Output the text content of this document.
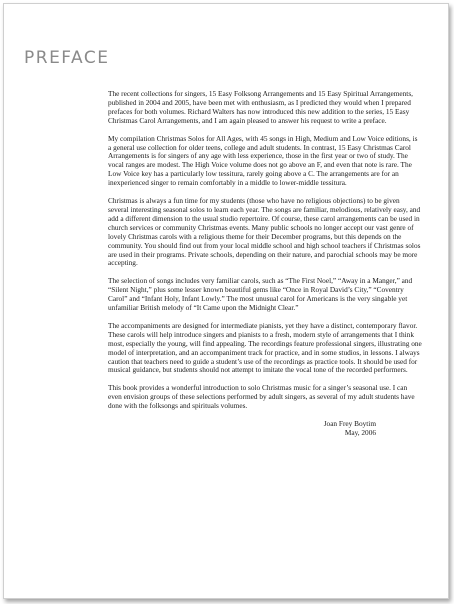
PREFACE

The recent collections for singers, 15 Easy Folksong Arrangements and 15 Easy Spiritual Arrangements, published in 2004 and 2005, have been met with enthusiasm, as I predicted they would when I prepared prefaces for both volumes. Richard Walters has now introduced this new addition to the series, 15 Easy Christmas Carol Arrangements, and I am again pleased to answer his request to write a preface.

My compilation Christmas Solos for All Ages, with 45 songs in High, Medium and Low Voice editions, is a general use collection for older teens, college and adult students. In contrast, 15 Easy Christmas Carol Arrangements is for singers of any age with less experience, those in the first year or two of study. The vocal ranges are modest. The High Voice volume does not go above an F, and even that note is rare. The Low Voice key has a particularly low tessitura, rarely going above a C. The arrangements are for an inexperienced singer to remain comfortably in a middle to lower-middle tessitura.

Christmas is always a fun time for my students (those who have no religious objections) to be given several interesting seasonal solos to learn each year. The songs are familiar, melodious, relatively easy, and add a different dimension to the usual studio repertoire. Of course, these carol arrangements can be used in church services or community Christmas events. Many public schools no longer accept our vast genre of lovely Christmas carols with a religious theme for their December programs, but this depends on the community. You should find out from your local middle school and high school teachers if Christmas solos are used in their programs. Private schools, depending on their nature, and parochial schools may be more accepting.

The selection of songs includes very familiar carols, such as “The First Noel,” “Away in a Manger,” and “Silent Night,” plus some lesser known beautiful gems like “Once in Royal David’s City,” “Coventry Carol” and “Infant Holy, Infant Lowly.” The most unusual carol for Americans is the very singable yet unfamiliar British melody of “It Came upon the Midnight Clear.”

The accompaniments are designed for intermediate pianists, yet they have a distinct, contemporary flavor. These carols will help introduce singers and pianists to a fresh, modern style of arrangements that I think most, especially the young, will find appealing. The recordings feature professional singers, illustrating one model of interpretation, and an accompaniment track for practice, and in some studios, in lessons. I always caution that teachers need to guide a student’s use of the recordings as practice tools. It should be used for musical guidance, but students should not attempt to imitate the vocal tone of the recorded performers.

This book provides a wonderful introduction to solo Christmas music for a singer’s seasonal use. I can even envision groups of these selections performed by adult singers, as several of my adult students have done with the folksongs and spirituals volumes.

Joan Frey Boytim
May, 2006
